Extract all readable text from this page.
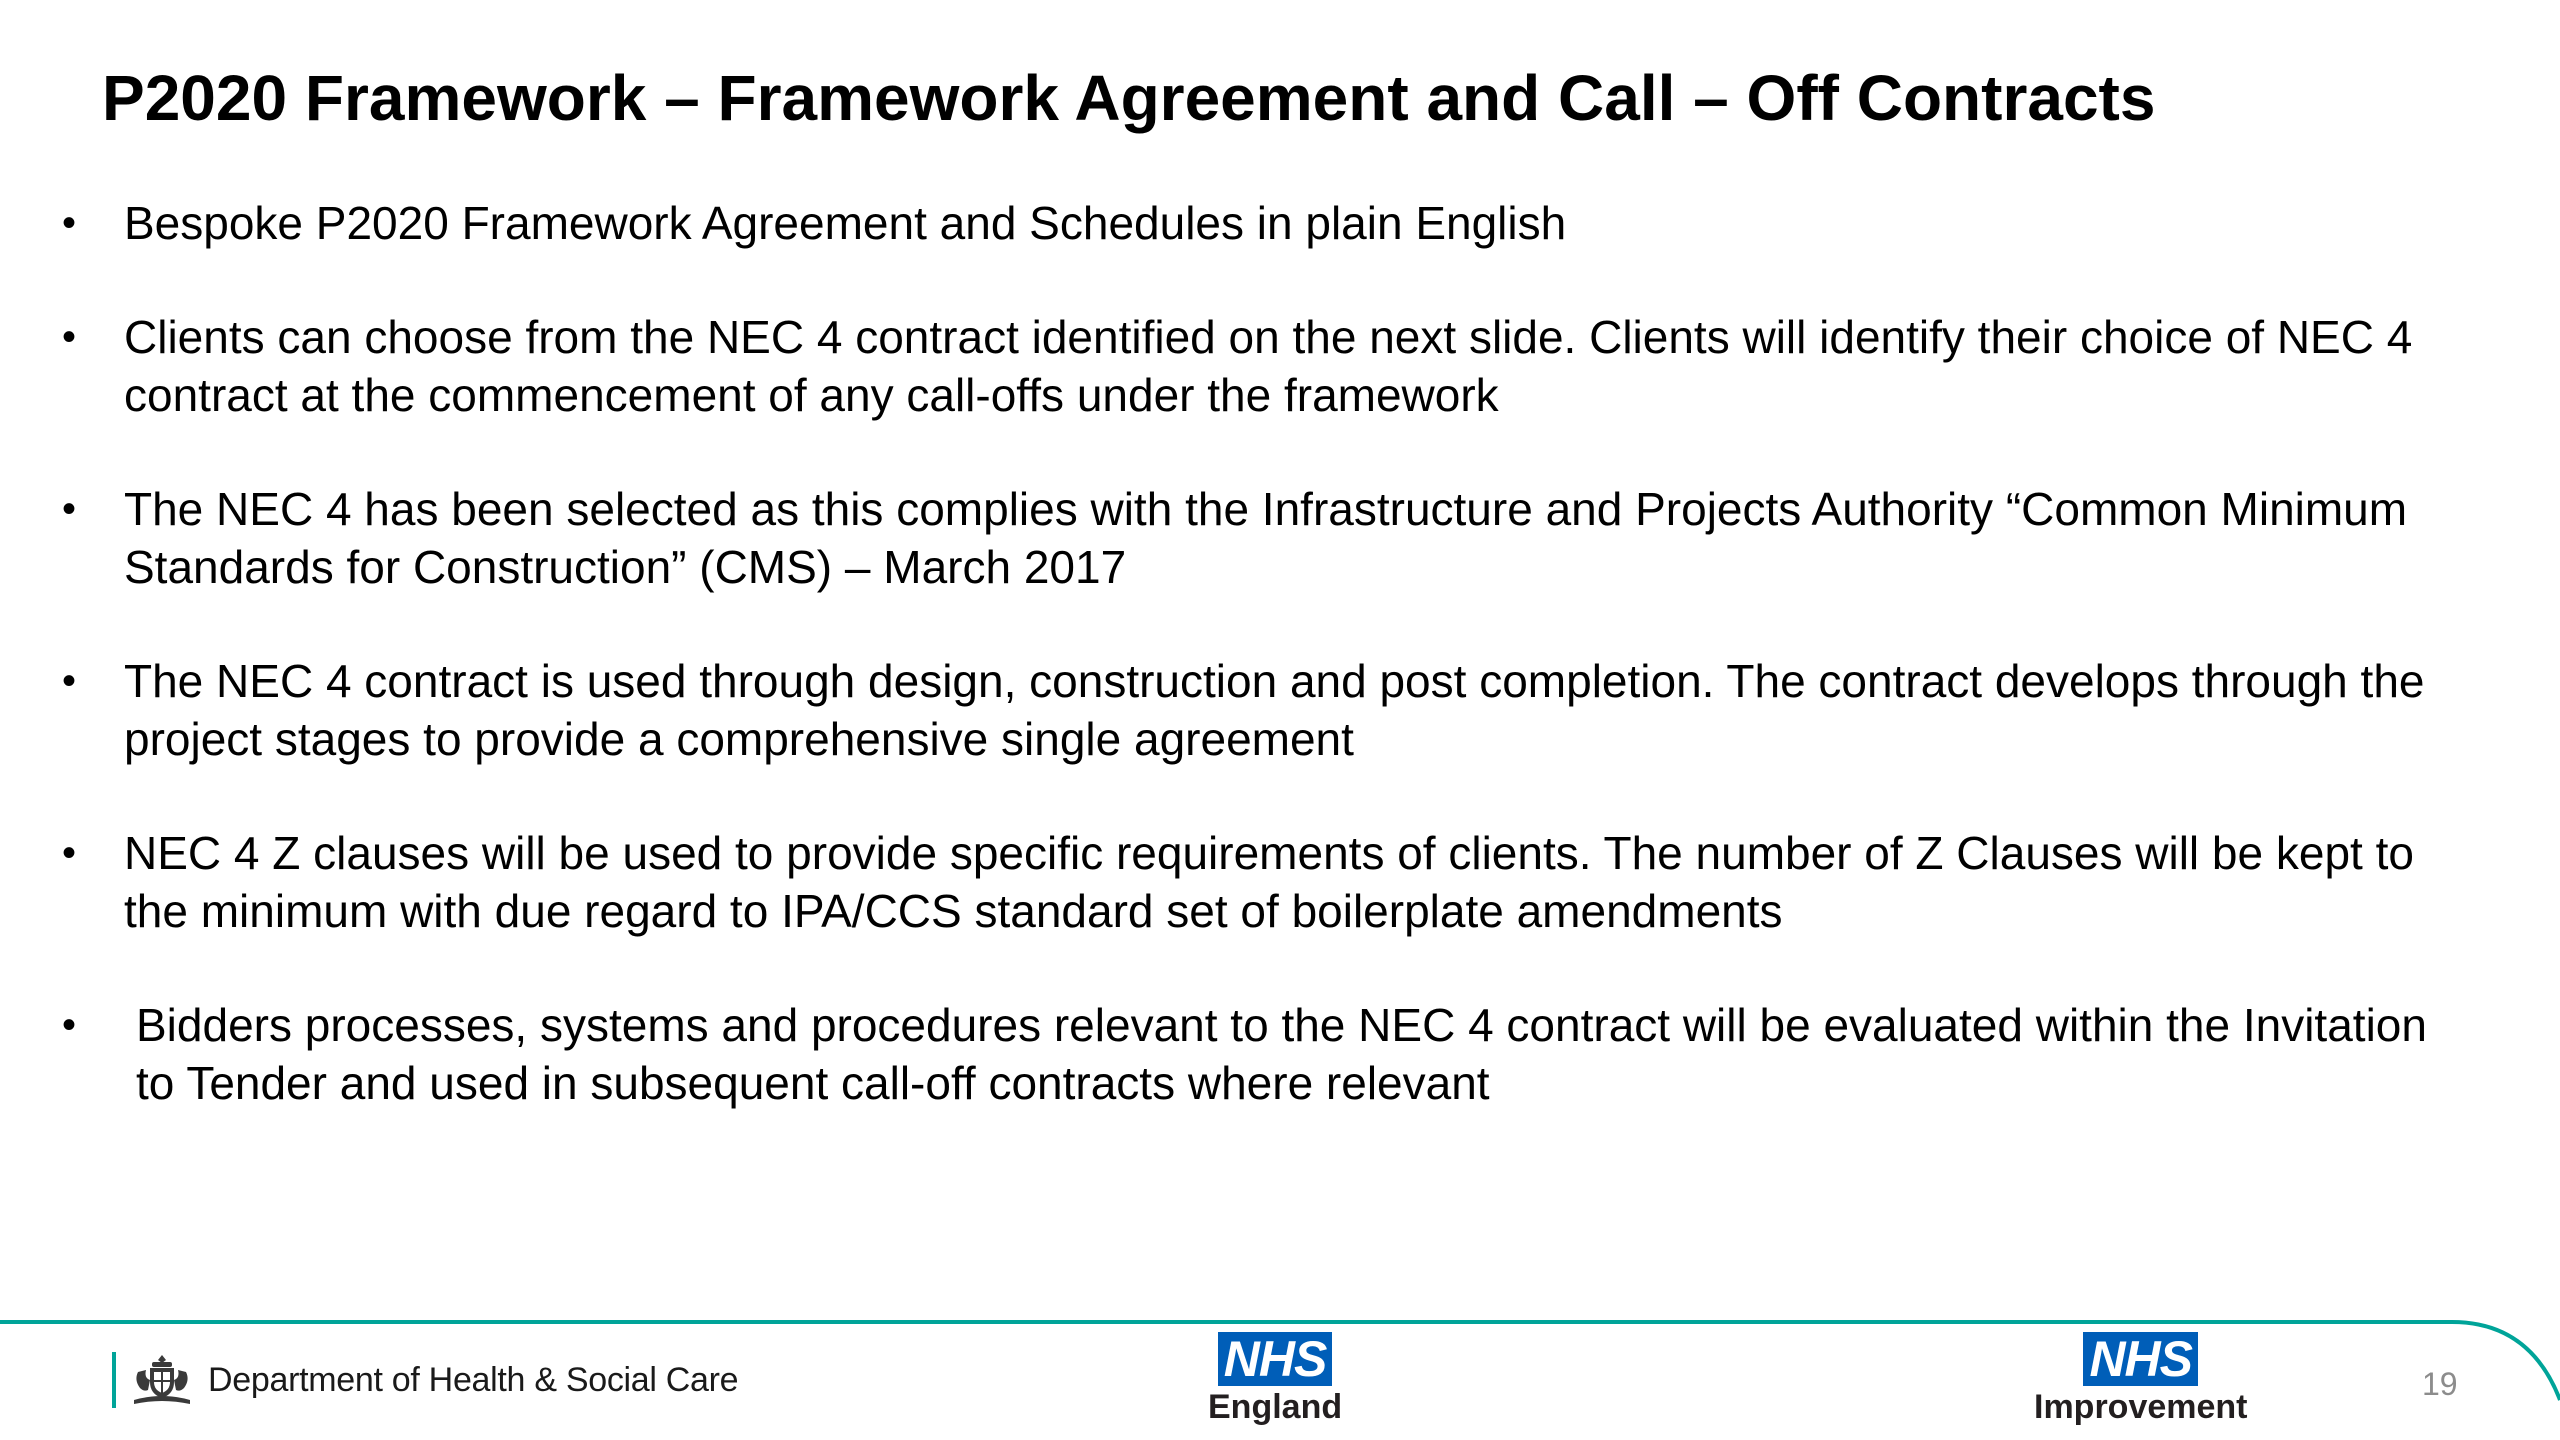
P2020 Framework – Framework Agreement and Call – Off Contracts
• Bespoke P2020 Framework Agreement and Schedules in plain English
• Clients can choose from the NEC 4 contract identified on the next slide. Clients will identify their choice of NEC 4 contract at the commencement of any call-offs under the framework
• The NEC 4 has been selected as this complies with the Infrastructure and Projects Authority “Common Minimum Standards for Construction” (CMS) – March 2017
• The NEC 4 contract is used through design, construction and post completion. The contract develops through the project stages to provide a comprehensive single agreement
• NEC 4 Z clauses will be used to provide specific requirements of clients. The number of Z Clauses will be kept to the minimum with due regard to IPA/CCS standard set of boilerplate amendments
• Bidders processes, systems and procedures relevant to the NEC 4 contract will be evaluated within the Invitation to Tender and used in subsequent call-off contracts where relevant
Department of Health & Social Care	NHS
England
NHS
Improvement
19
